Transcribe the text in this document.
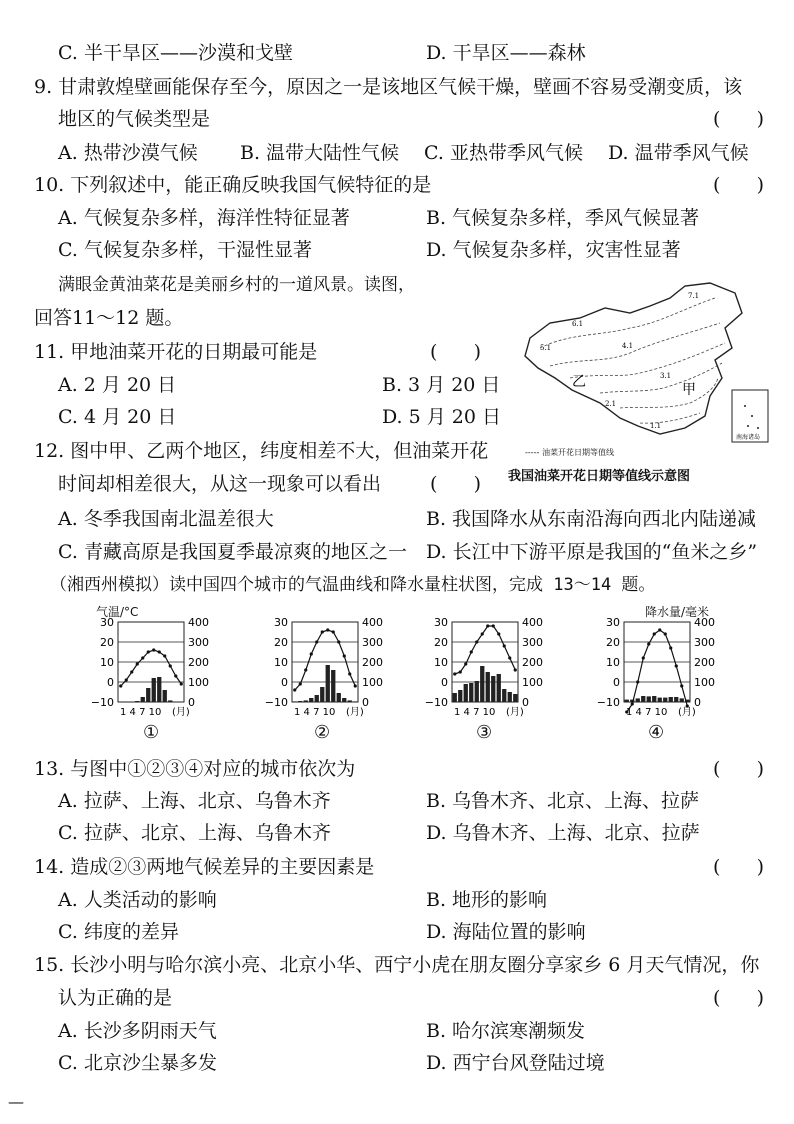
C. 半干旱区——沙漠和戈壁	D. 干旱区——森林
9. 甘肃敦煌壁画能保存至今，原因之一是该地区气候干燥，壁画不容易受潮变质，该
地区的气候类型是	(      )
A. 热带沙漠气候 B. 温带大陆性气候 C. 亚热带季风气候 D. 温带季风气候
10. 下列叙述中，能正确反映我国气候特征的是	(      )
A. 气候复杂多样，海洋性特征显著	B. 气候复杂多样，季风气候显著
C. 气候复杂多样，干湿性显著	D. 气候复杂多样，灾害性显著
满眼金黄油菜花是美丽乡村的一道风景。读图，
回答11～12 题。
11. 甲地油菜开花的日期最可能是	(      )
A. 2 月 20 日	B. 3 月 20 日
C. 4 月 20 日	D. 5 月 20 日
12. 图中甲、乙两个地区，纬度相差不大，但油菜开花
时间却相差很大，从这一现象可以看出	(      )
A. 冬季我国南北温差很大	B. 我国降水从东南沿海向西北内陆递减
C. 青藏高原是我国夏季最凉爽的地区之一 D. 长江中下游平原是我国的“鱼米之乡”
7.1
6.1
5.1	4.1
3.1
2.1
1.1
乙	甲
南海诸岛
----- 油菜开花日期等值线
我国油菜开花日期等值线示意图
（湘西州模拟）读中国四个城市的气温曲线和降水量柱状图，完成 13～14 题。
气温/°C	降水量/毫米
30
20
10
0
−10
400
300
200
100
0
1 4 7 10 (月)
30
20
10
0
−10
400
300
200
100
0
1 4 7 10 (月)
30
20
10
0
−10
400
300
200
100
0
1 4 7 10 (月)
30
20
10
0
−10
400
300
200
100
0
1 4 7 10 (月)
①	②	③	④
13. 与图中①②③④对应的城市依次为	(      )
A. 拉萨、上海、北京、乌鲁木齐	B. 乌鲁木齐、北京、上海、拉萨
C. 拉萨、北京、上海、乌鲁木齐	D. 乌鲁木齐、上海、北京、拉萨
14. 造成②③两地气候差异的主要因素是	(      )
A. 人类活动的影响	B. 地形的影响
C. 纬度的差异	D. 海陆位置的影响
15. 长沙小明与哈尔滨小亮、北京小华、西宁小虎在朋友圈分享家乡 6 月天气情况，你
认为正确的是	(      )
A. 长沙多阴雨天气	B. 哈尔滨寒潮频发
C. 北京沙尘暴多发	D. 西宁台风登陆过境
—
